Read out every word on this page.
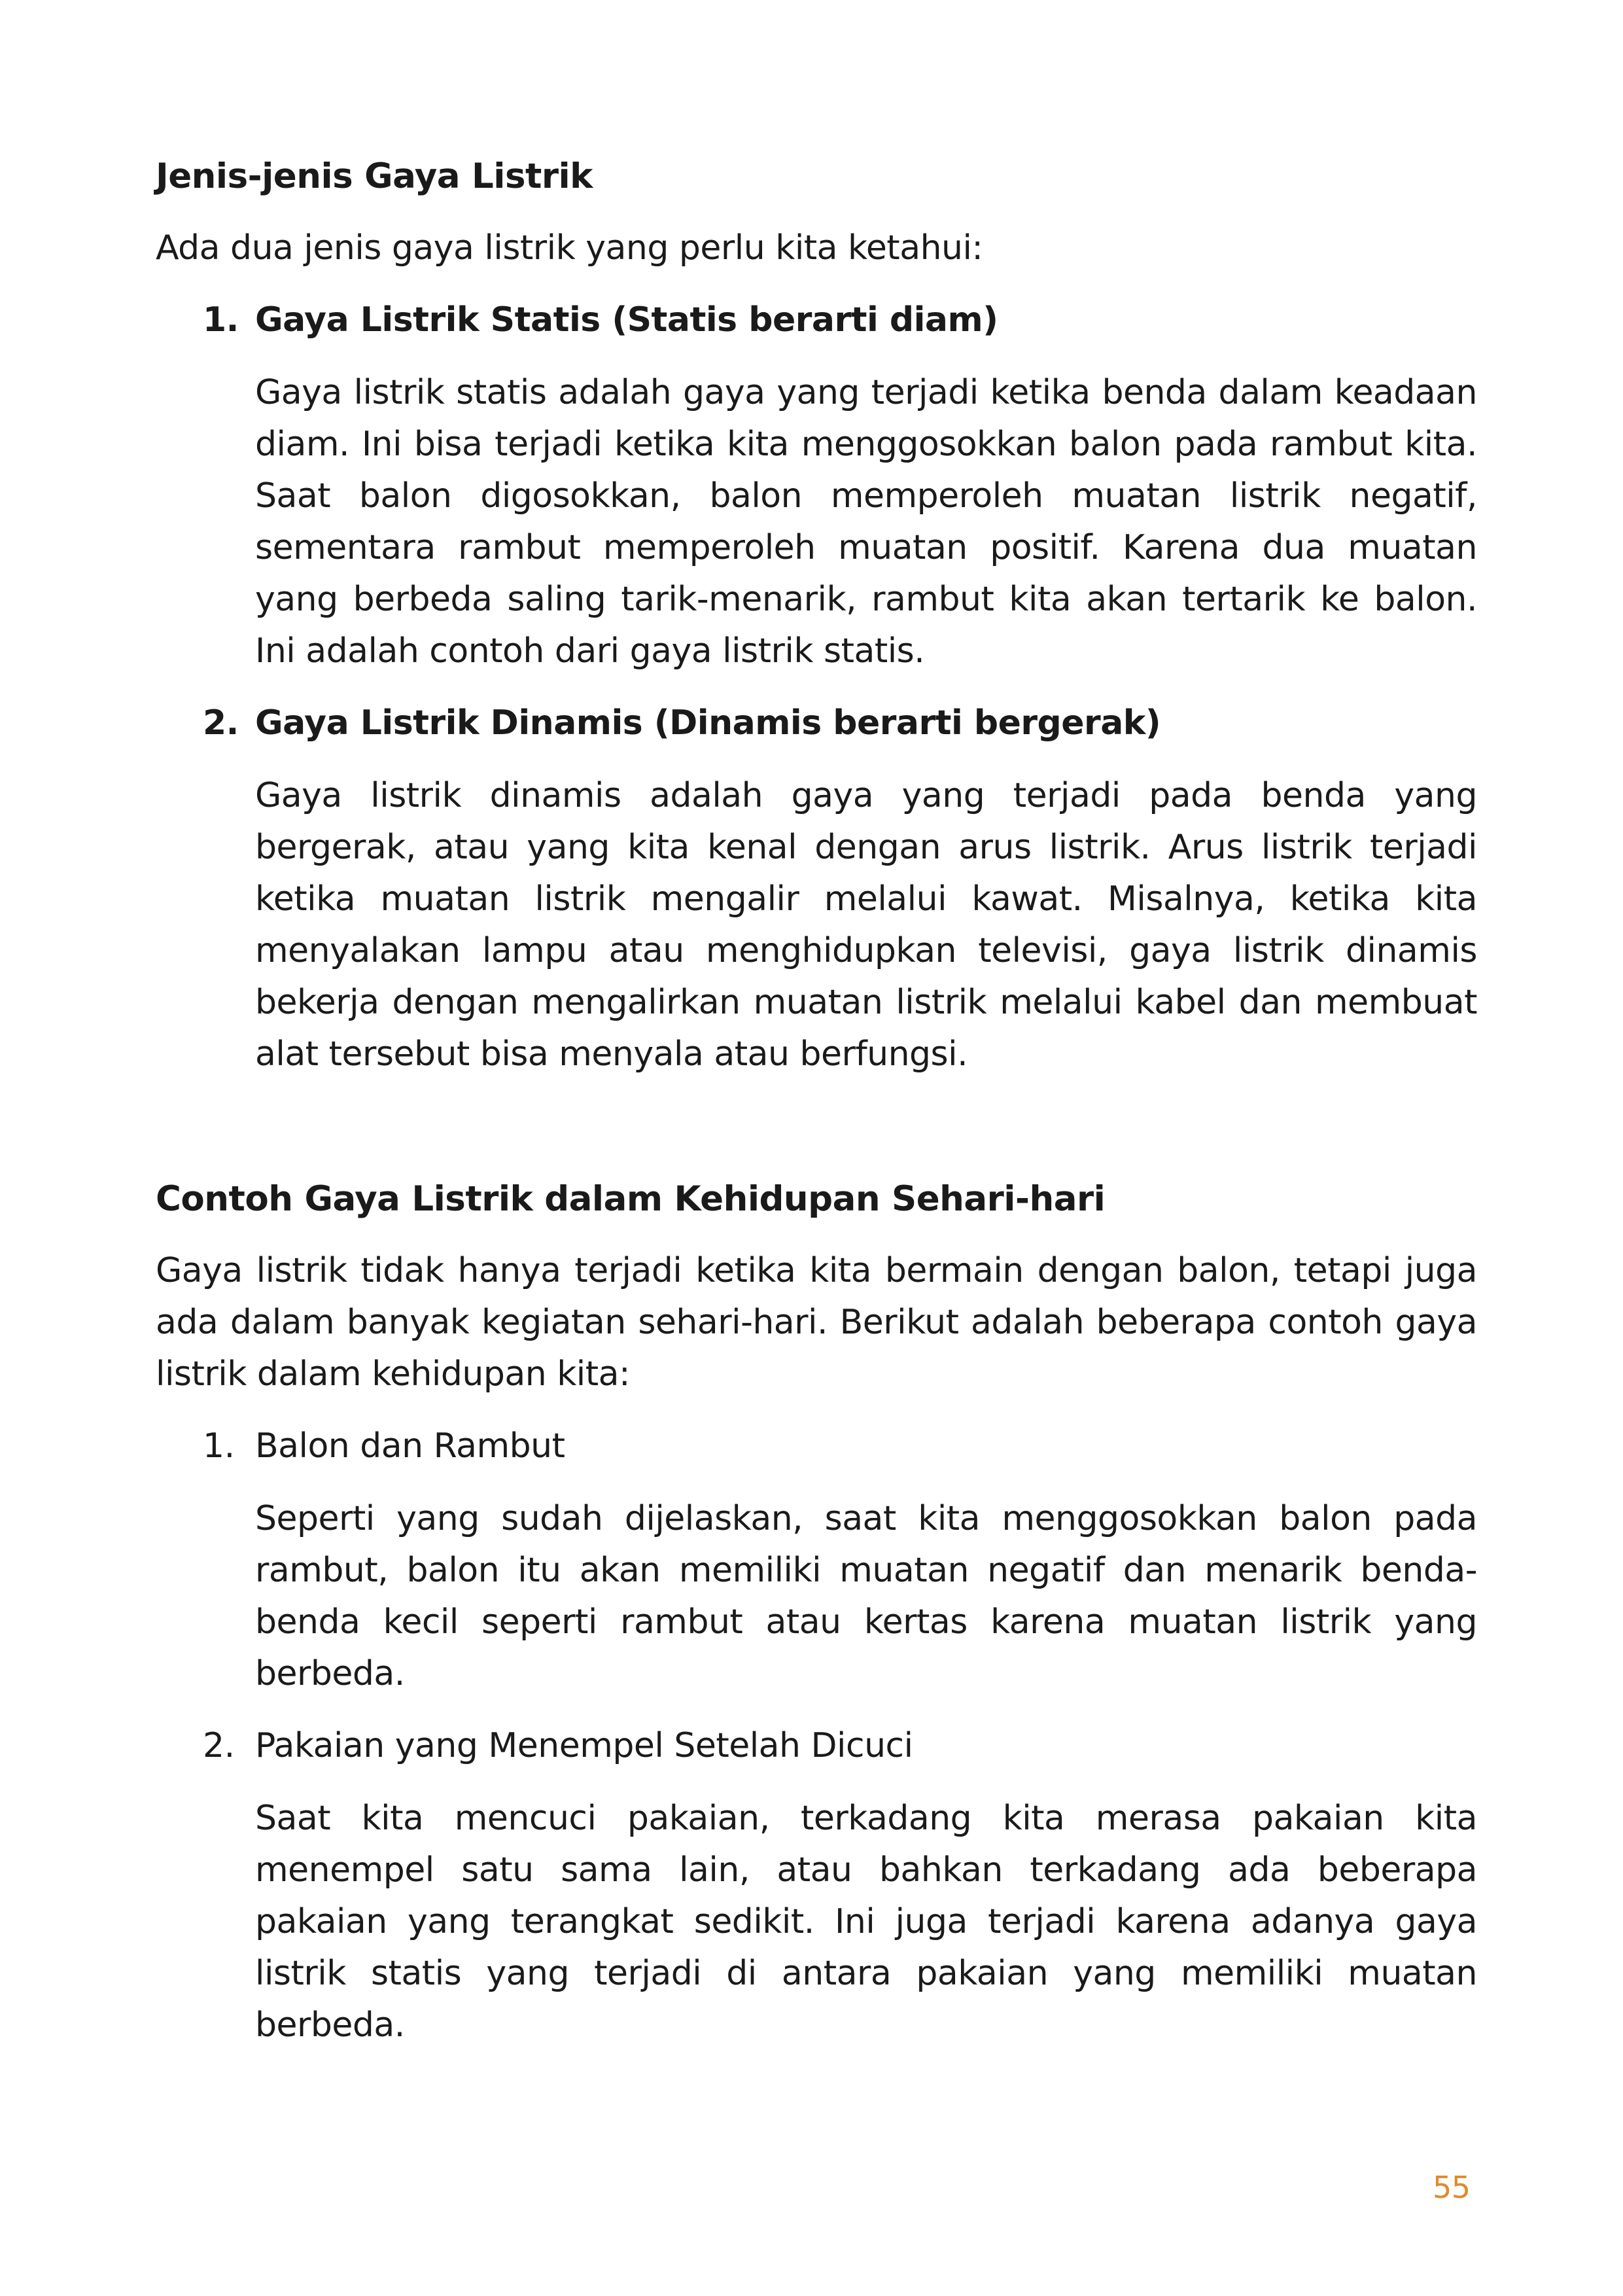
Jenis-jenis Gaya Listrik

Ada dua jenis gaya listrik yang perlu kita ketahui:

1. Gaya Listrik Statis (Statis berarti diam)

Gaya listrik statis adalah gaya yang terjadi ketika benda dalam keadaan diam. Ini bisa terjadi ketika kita menggosokkan balon pada rambut kita. Saat balon digosokkan, balon memperoleh muatan listrik negatif, sementara rambut memperoleh muatan positif. Karena dua muatan yang berbeda saling tarik-menarik, rambut kita akan tertarik ke balon. Ini adalah contoh dari gaya listrik statis.

2. Gaya Listrik Dinamis (Dinamis berarti bergerak)

Gaya listrik dinamis adalah gaya yang terjadi pada benda yang bergerak, atau yang kita kenal dengan arus listrik. Arus listrik terjadi ketika muatan listrik mengalir melalui kawat. Misalnya, ketika kita menyalakan lampu atau menghidupkan televisi, gaya listrik dinamis bekerja dengan mengalirkan muatan listrik melalui kabel dan membuat alat tersebut bisa menyala atau berfungsi.

Contoh Gaya Listrik dalam Kehidupan Sehari-hari

Gaya listrik tidak hanya terjadi ketika kita bermain dengan balon, tetapi juga ada dalam banyak kegiatan sehari-hari. Berikut adalah beberapa contoh gaya listrik dalam kehidupan kita:

1. Balon dan Rambut

Seperti yang sudah dijelaskan, saat kita menggosokkan balon pada rambut, balon itu akan memiliki muatan negatif dan menarik benda-benda kecil seperti rambut atau kertas karena muatan listrik yang berbeda.

2. Pakaian yang Menempel Setelah Dicuci

Saat kita mencuci pakaian, terkadang kita merasa pakaian kita menempel satu sama lain, atau bahkan terkadang ada beberapa pakaian yang terangkat sedikit. Ini juga terjadi karena adanya gaya listrik statis yang terjadi di antara pakaian yang memiliki muatan berbeda.

55
